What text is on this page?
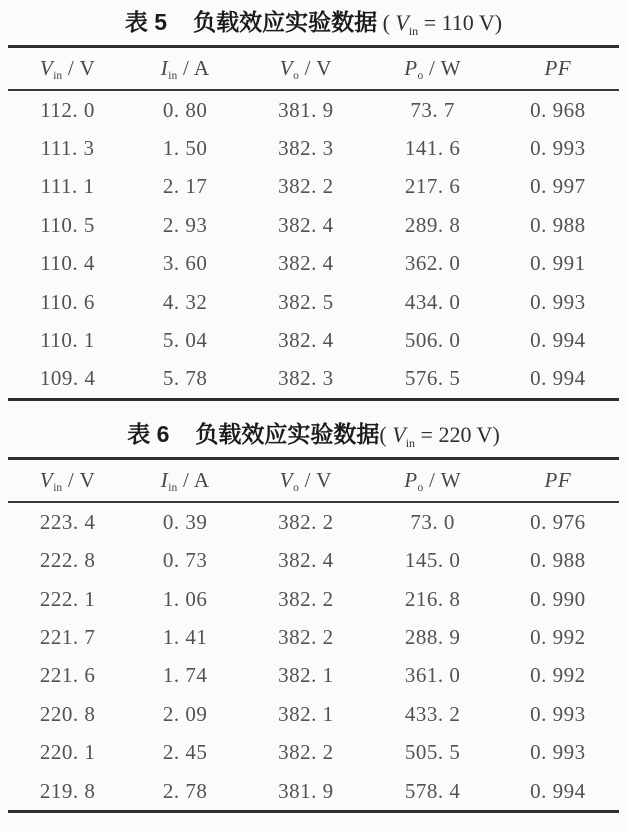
表 5 负载效应实验数据 ( $V_{in} = 110$ V)
$V_{in}$ / V	$I_{in}$ / A	$V_o$ / V	$P_o$ / W	PF
112. 0	0. 80	381. 9	73. 7	0. 968
111. 3	1. 50	382. 3	141. 6	0. 993
111. 1	2. 17	382. 2	217. 6	0. 997
110. 5	2. 93	382. 4	289. 8	0. 988
110. 4	3. 60	382. 4	362. 0	0. 991
110. 6	4. 32	382. 5	434. 0	0. 993
110. 1	5. 04	382. 4	506. 0	0. 994
109. 4	5. 78	382. 3	576. 5	0. 994
表 6 负载效应实验数据( $V_{in} = 220$ V)
$V_{in}$ / V	$I_{in}$ / A	$V_o$ / V	$P_o$ / W	PF
223. 4	0. 39	382. 2	73. 0	0. 976
222. 8	0. 73	382. 4	145. 0	0. 988
222. 1	1. 06	382. 2	216. 8	0. 990
221. 7	1. 41	382. 2	288. 9	0. 992
221. 6	1. 74	382. 1	361. 0	0. 992
220. 8	2. 09	382. 1	433. 2	0. 993
220. 1	2. 45	382. 2	505. 5	0. 993
219. 8	2. 78	381. 9	578. 4	0. 994
